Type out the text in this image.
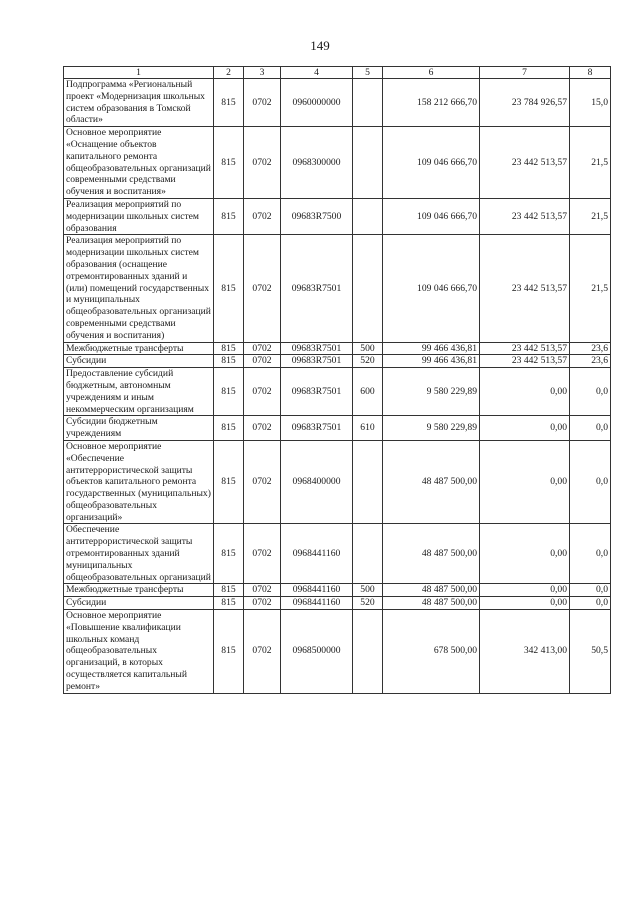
149
1	2	3	4	5	6	7	8
Подпрограмма «Региональный проект «Модернизация школьных систем образования в Томской области»	815	0702	0960000000		158 212 666,70	23 784 926,57	15,0
Основное мероприятие «Оснащение объектов капитального ремонта общеобразовательных организаций современными средствами обучения и воспитания»	815	0702	0968300000		109 046 666,70	23 442 513,57	21,5
Реализация мероприятий по модернизации школьных систем образования	815	0702	09683R7500		109 046 666,70	23 442 513,57	21,5
Реализация мероприятий по модернизации школьных систем образования (оснащение отремонтированных зданий и (или) помещений государственных и муниципальных общеобразовательных организаций современными средствами обучения и воспитания)	815	0702	09683R7501		109 046 666,70	23 442 513,57	21,5
Межбюджетные трансферты	815	0702	09683R7501	500	99 466 436,81	23 442 513,57	23,6
Субсидии	815	0702	09683R7501	520	99 466 436,81	23 442 513,57	23,6
Предоставление субсидий бюджетным, автономным учреждениям и иным некоммерческим организациям	815	0702	09683R7501	600	9 580 229,89	0,00	0,0
Субсидии бюджетным учреждениям	815	0702	09683R7501	610	9 580 229,89	0,00	0,0
Основное мероприятие «Обеспечение антитеррористической защиты объектов капитального ремонта государственных (муниципальных) общеобразовательных организаций»	815	0702	0968400000		48 487 500,00	0,00	0,0
Обеспечение антитеррористической защиты отремонтированных зданий муниципальных общеобразовательных организаций	815	0702	0968441160		48 487 500,00	0,00	0,0
Межбюджетные трансферты	815	0702	0968441160	500	48 487 500,00	0,00	0,0
Субсидии	815	0702	0968441160	520	48 487 500,00	0,00	0,0
Основное мероприятие «Повышение квалификации школьных команд общеобразовательных организаций, в которых осуществляется капитальный ремонт»	815	0702	0968500000		678 500,00	342 413,00	50,5
